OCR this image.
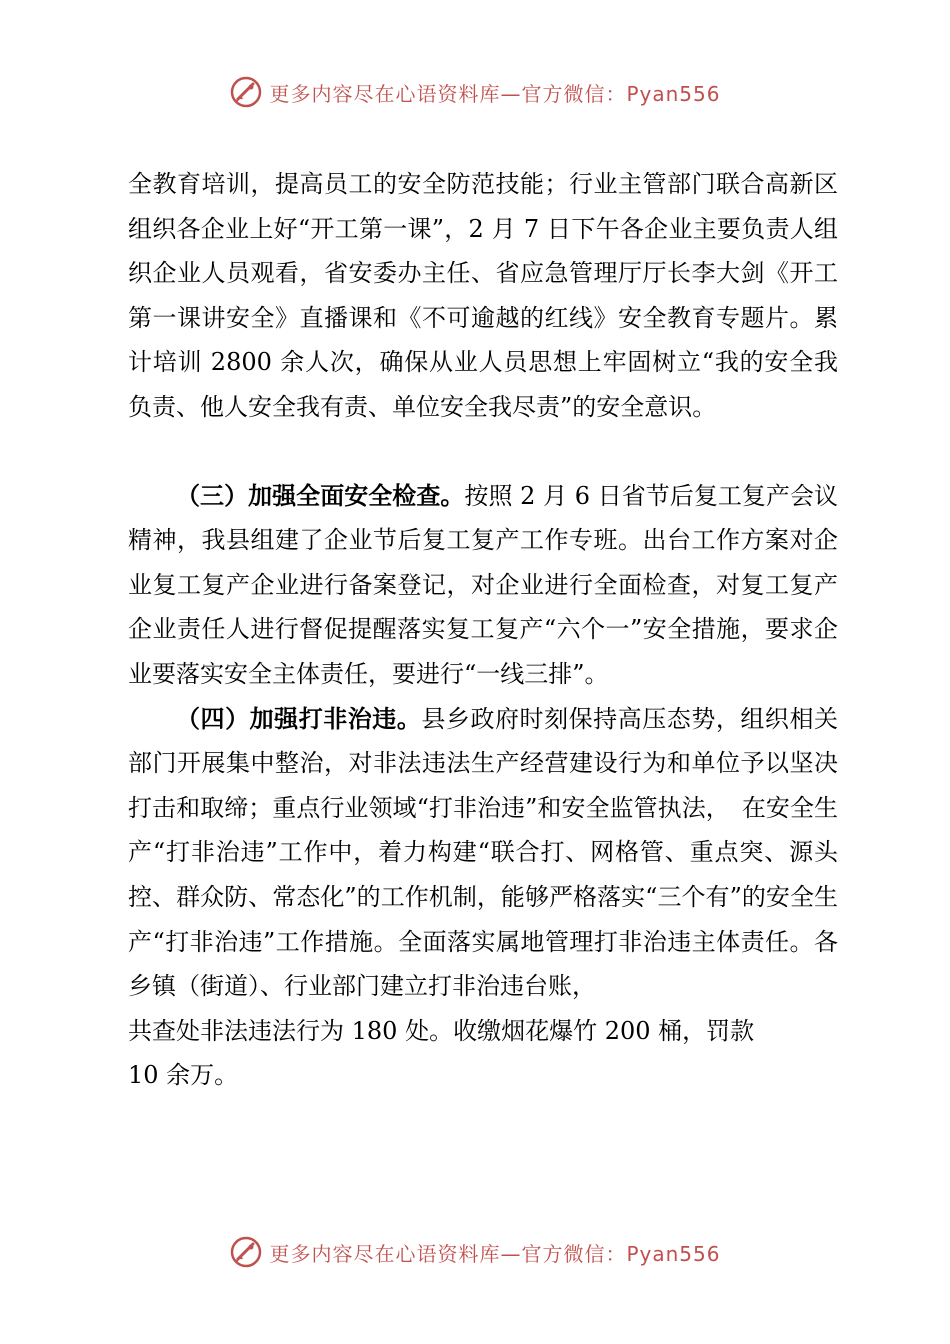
更多内容尽在心语资料库—官方微信：Pyan556

全教育培训，提高员工的安全防范技能；行业主管部门联合高新区组织各企业上好“开工第一课”，2 月 7 日下午各企业主要负责人组织企业人员观看，省安委办主任、省应急管理厅厅长李大剑《开工第一课讲安全》直播课和《不可逾越的红线》安全教育专题片。累计培训 2800 余人次，确保从业人员思想上牢固树立“我的安全我负责、他人安全我有责、单位安全我尽责”的安全意识。

（三）加强全面安全检查。按照 2 月 6 日省节后复工复产会议精神，我县组建了企业节后复工复产工作专班。出台工作方案对企业复工复产企业进行备案登记，对企业进行全面检查，对复工复产企业责任人进行督促提醒落实复工复产“六个一”安全措施，要求企业要落实安全主体责任，要进行“一线三排”。

（四）加强打非治违。县乡政府时刻保持高压态势，组织相关部门开展集中整治，对非法违法生产经营建设行为和单位予以坚决打击和取缔；重点行业领域“打非治违”和安全监管执法，　在安全生产“打非治违”工作中，着力构建“联合打、网格管、重点突、源头控、群众防、常态化”的工作机制，能够严格落实“三个有”的安全生产“打非治违”工作措施。全面落实属地管理打非治违主体责任。各乡镇（街道）、行业部门建立打非治违台账，
共查处非法违法行为 180 处。收缴烟花爆竹 200 桶，罚款
10 余万。

更多内容尽在心语资料库—官方微信：Pyan556
